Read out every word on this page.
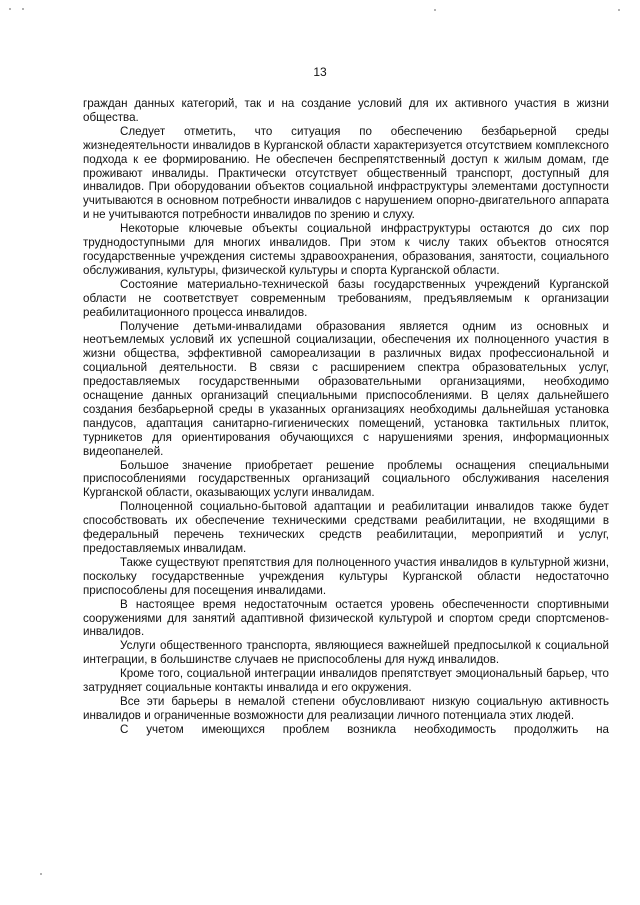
13

граждан данных категорий, так и на создание условий для их активного участия в жизни общества.

Следует отметить, что ситуация по обеспечению безбарьерной среды жизнедеятельности инвалидов в Курганской области характеризуется отсутствием комплексного подхода к ее формированию. Не обеспечен беспрепятственный доступ к жилым домам, где проживают инвалиды. Практически отсутствует общественный транспорт, доступный для инвалидов. При оборудовании объектов социальной инфраструктуры элементами доступности учитываются в основном потребности инвалидов с нарушением опорно-двигательного аппарата и не учитываются потребности инвалидов по зрению и слуху.

Некоторые ключевые объекты социальной инфраструктуры остаются до сих пор труднодоступными для многих инвалидов. При этом к числу таких объектов относятся государственные учреждения системы здравоохранения, образования, занятости, социального обслуживания, культуры, физической культуры и спорта Курганской области.

Состояние материально-технической базы государственных учреждений Курганской области не соответствует современным требованиям, предъявляемым к организации реабилитационного процесса инвалидов.

Получение детьми-инвалидами образования является одним из основных и неотъемлемых условий их успешной социализации, обеспечения их полноценного участия в жизни общества, эффективной самореализации в различных видах профессиональной и социальной деятельности. В связи с расширением спектра образовательных услуг, предоставляемых государственными образовательными организациями, необходимо оснащение данных организаций специальными приспособлениями. В целях дальнейшего создания безбарьерной среды в указанных организациях необходимы дальнейшая установка пандусов, адаптация санитарно-гигиенических помещений, установка тактильных плиток, турникетов для ориентирования обучающихся с нарушениями зрения, информационных видеопанелей.

Большое значение приобретает решение проблемы оснащения специальными приспособлениями государственных организаций социального обслуживания населения Курганской области, оказывающих услуги инвалидам.

Полноценной социально-бытовой адаптации и реабилитации инвалидов также будет способствовать их обеспечение техническими средствами реабилитации, не входящими в федеральный перечень технических средств реабилитации, мероприятий и услуг, предоставляемых инвалидам.

Также существуют препятствия для полноценного участия инвалидов в культурной жизни, поскольку государственные учреждения культуры Курганской области недостаточно приспособлены для посещения инвалидами.

В настоящее время недостаточным остается уровень обеспеченности спортивными сооружениями для занятий адаптивной физической культурой и спортом среди спортсменов-инвалидов.

Услуги общественного транспорта, являющиеся важнейшей предпосылкой к социальной интеграции, в большинстве случаев не приспособлены для нужд инвалидов.

Кроме того, социальной интеграции инвалидов препятствует эмоциональный барьер, что затрудняет социальные контакты инвалида и его окружения.

Все эти барьеры в немалой степени обусловливают низкую социальную активность инвалидов и ограниченные возможности для реализации личного потенциала этих людей.

С учетом имеющихся проблем возникла необходимость продолжить на
